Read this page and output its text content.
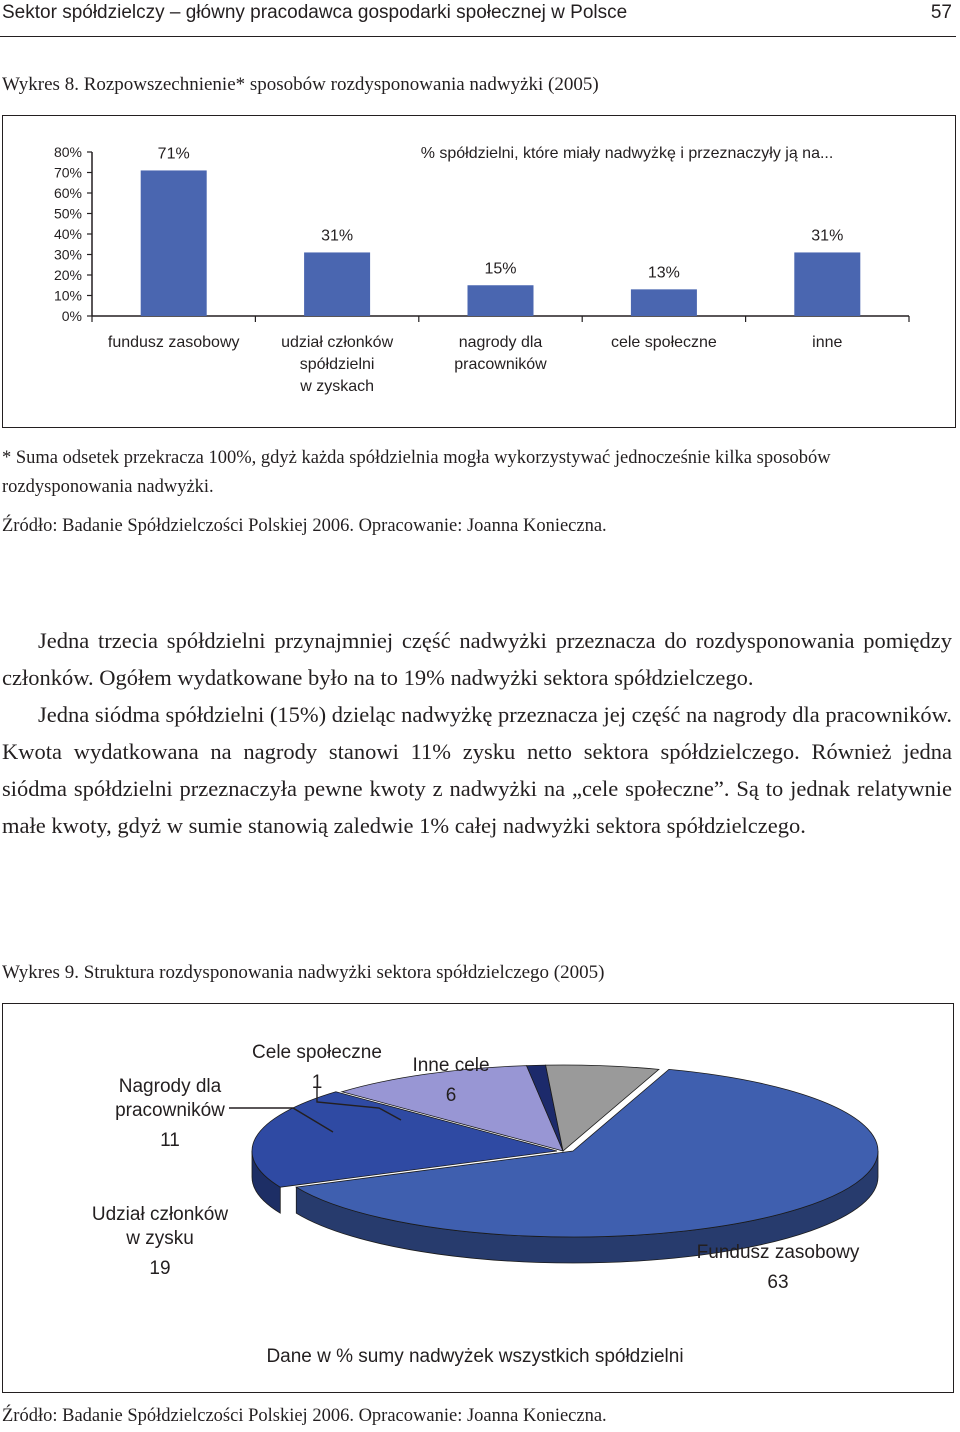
Sektor spółdzielczy – główny pracodawca gospodarki społecznej w Polsce	57
Wykres 8. Rozpowszechnienie* sposobów rozdysponowania nadwyżki (2005)
0%
10%
20%
30%
40%
50%
60%
70%
80%	71%
fundusz zasobowy
31%
udział członków
spółdzielni
w zyskach
15%
nagrody dla
pracowników
13%
cele społeczne
31%
inne
% spółdzielni, które miały nadwyżkę i przeznaczyły ją na...
* Suma odsetek przekracza 100%, gdyż każda spółdzielnia mogła wykorzystywać jednocześnie kilka sposobów rozdysponowania nadwyżki.
Źródło: Badanie Spółdzielczości Polskiej 2006. Opracowanie: Joanna Konieczna.

Jedna trzecia spółdzielni przynajmniej część nadwyżki przeznacza do rozdysponowania pomiędzy członków. Ogółem wydatkowane było na to 19% nadwyżki sektora spółdzielczego.

Jedna siódma spółdzielni (15%) dzieląc nadwyżkę przeznacza jej część na nagrody dla pracowników. Kwota wydatkowana na nagrody stanowi 11% zysku netto sektora spółdzielczego. Również jedna siódma spółdzielni przeznaczyła pewne kwoty z nadwyżki na „cele społeczne”. Są to jednak relatywnie małe kwoty, gdyż w sumie stanowią zaledwie 1% całej nadwyżki sektora spółdzielczego.

Wykres 9. Struktura rozdysponowania nadwyżki sektora spółdzielczego (2005)
Fundusz zasobowy
63
Udział członków
w zysku
19
Nagrody dla
pracowników
11
Cele społeczne
1
Inne cele
6
Dane w % sumy nadwyżek wszystkich spółdzielni
Źródło: Badanie Spółdzielczości Polskiej 2006. Opracowanie: Joanna Konieczna.
